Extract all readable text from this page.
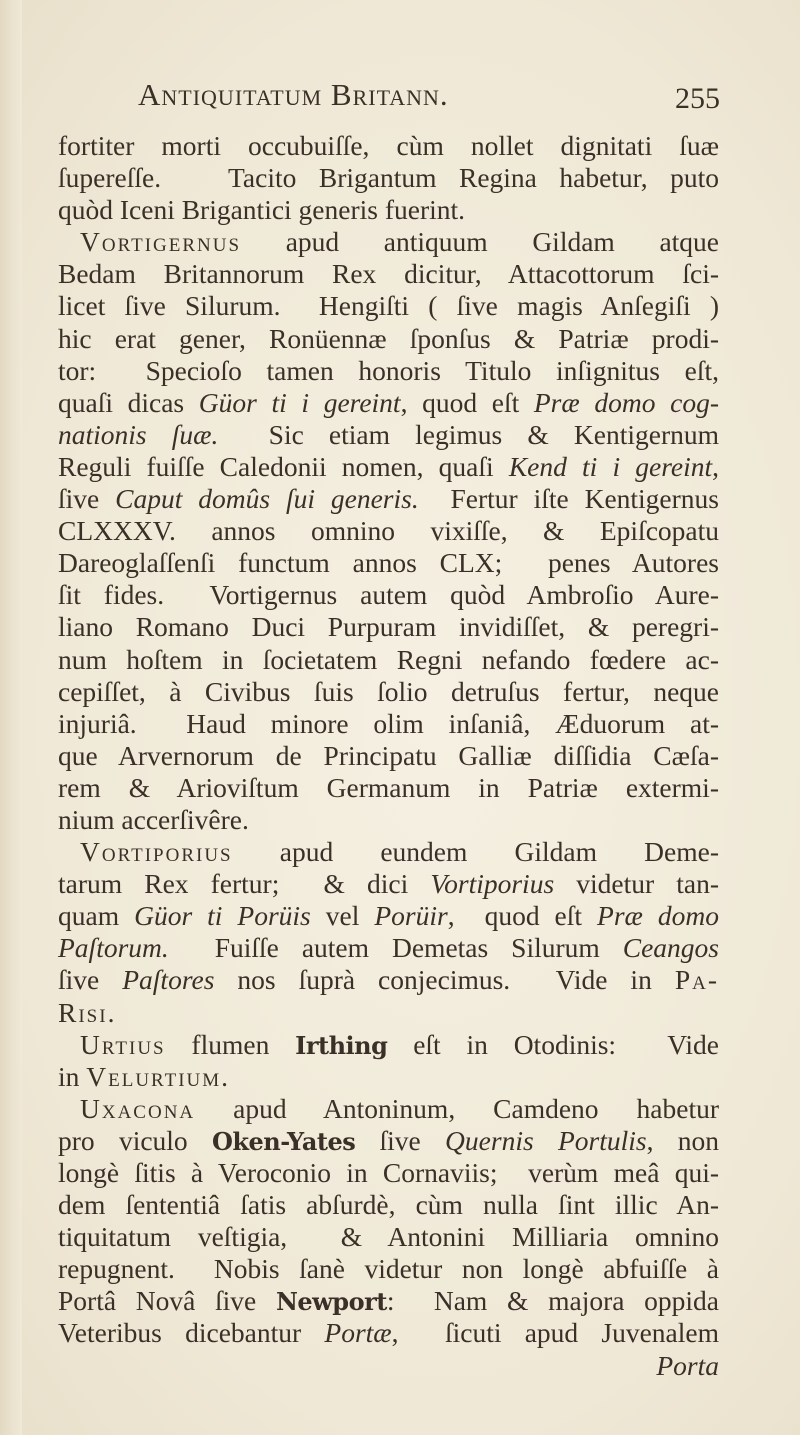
Antiquitatum Britann.	255
fortiter morti occubuiſſe, cùm nollet dignitati ſuæ
ſupereſſe.   Tacito Brigantum Regina habetur, puto
quòd Iceni Brigantici generis fuerint.
Vortigernus apud antiquum Gildam atque
Bedam Britannorum Rex dicitur, Attacottorum ſci-
licet ſive Silurum.  Hengiſti ( ſive magis Anſegiſi )
hic erat gener, Ronüennæ ſponſus & Patriæ prodi-
tor:  Specioſo tamen honoris Titulo inſignitus eſt,
quaſi dicas Güor ti i gereint, quod eſt Præ domo cog-
nationis ſuæ.  Sic etiam legimus & Kentigernum
Reguli fuiſſe Caledonii nomen, quaſi Kend ti i gereint,
ſive Caput domûs ſui generis.  Fertur iſte Kentigernus
CLXXXV. annos omnino vixiſſe, & Epiſcopatu
Dareoglaſſenſi functum annos CLX;  penes Autores
ſit fides.  Vortigernus autem quòd Ambroſio Aure-
liano Romano Duci Purpuram invidiſſet, & peregri-
num hoſtem in ſocietatem Regni nefando fœdere ac-
cepiſſet, à Civibus ſuis ſolio detruſus fertur, neque
injuriâ.  Haud minore olim inſaniâ, Æduorum at-
que Arvernorum de Principatu Galliæ diſſidia Cæſa-
rem & Arioviſtum Germanum in Patriæ extermi-
nium accerſivêre.
Vortiporius apud eundem Gildam Deme-
tarum Rex fertur;  & dici Vortiporius videtur tan-
quam Güor ti Porüis vel Porüir,  quod eſt Præ domo
Paſtorum.  Fuiſſe autem Demetas Silurum Ceangos
ſive Paſtores nos ſuprà conjecimus.  Vide in Pa-
Risi.
Urtius flumen Irthing eſt in Otodinis:  Vide
in Velurtium.
Uxacona apud Antoninum, Camdeno habetur
pro viculo Oken-Yates ſive Quernis Portulis, non
longè ſitis à Veroconio in Cornaviis;  verùm meâ qui-
dem ſententiâ ſatis abſurdè, cùm nulla ſint illic An-
tiquitatum veſtigia,  & Antonini Milliaria omnino
repugnent.  Nobis ſanè videtur non longè abfuiſſe à
Portâ Novâ ſive Newport:  Nam & majora oppida
Veteribus dicebantur Portæ,  ſicuti apud Juvenalem
Porta
